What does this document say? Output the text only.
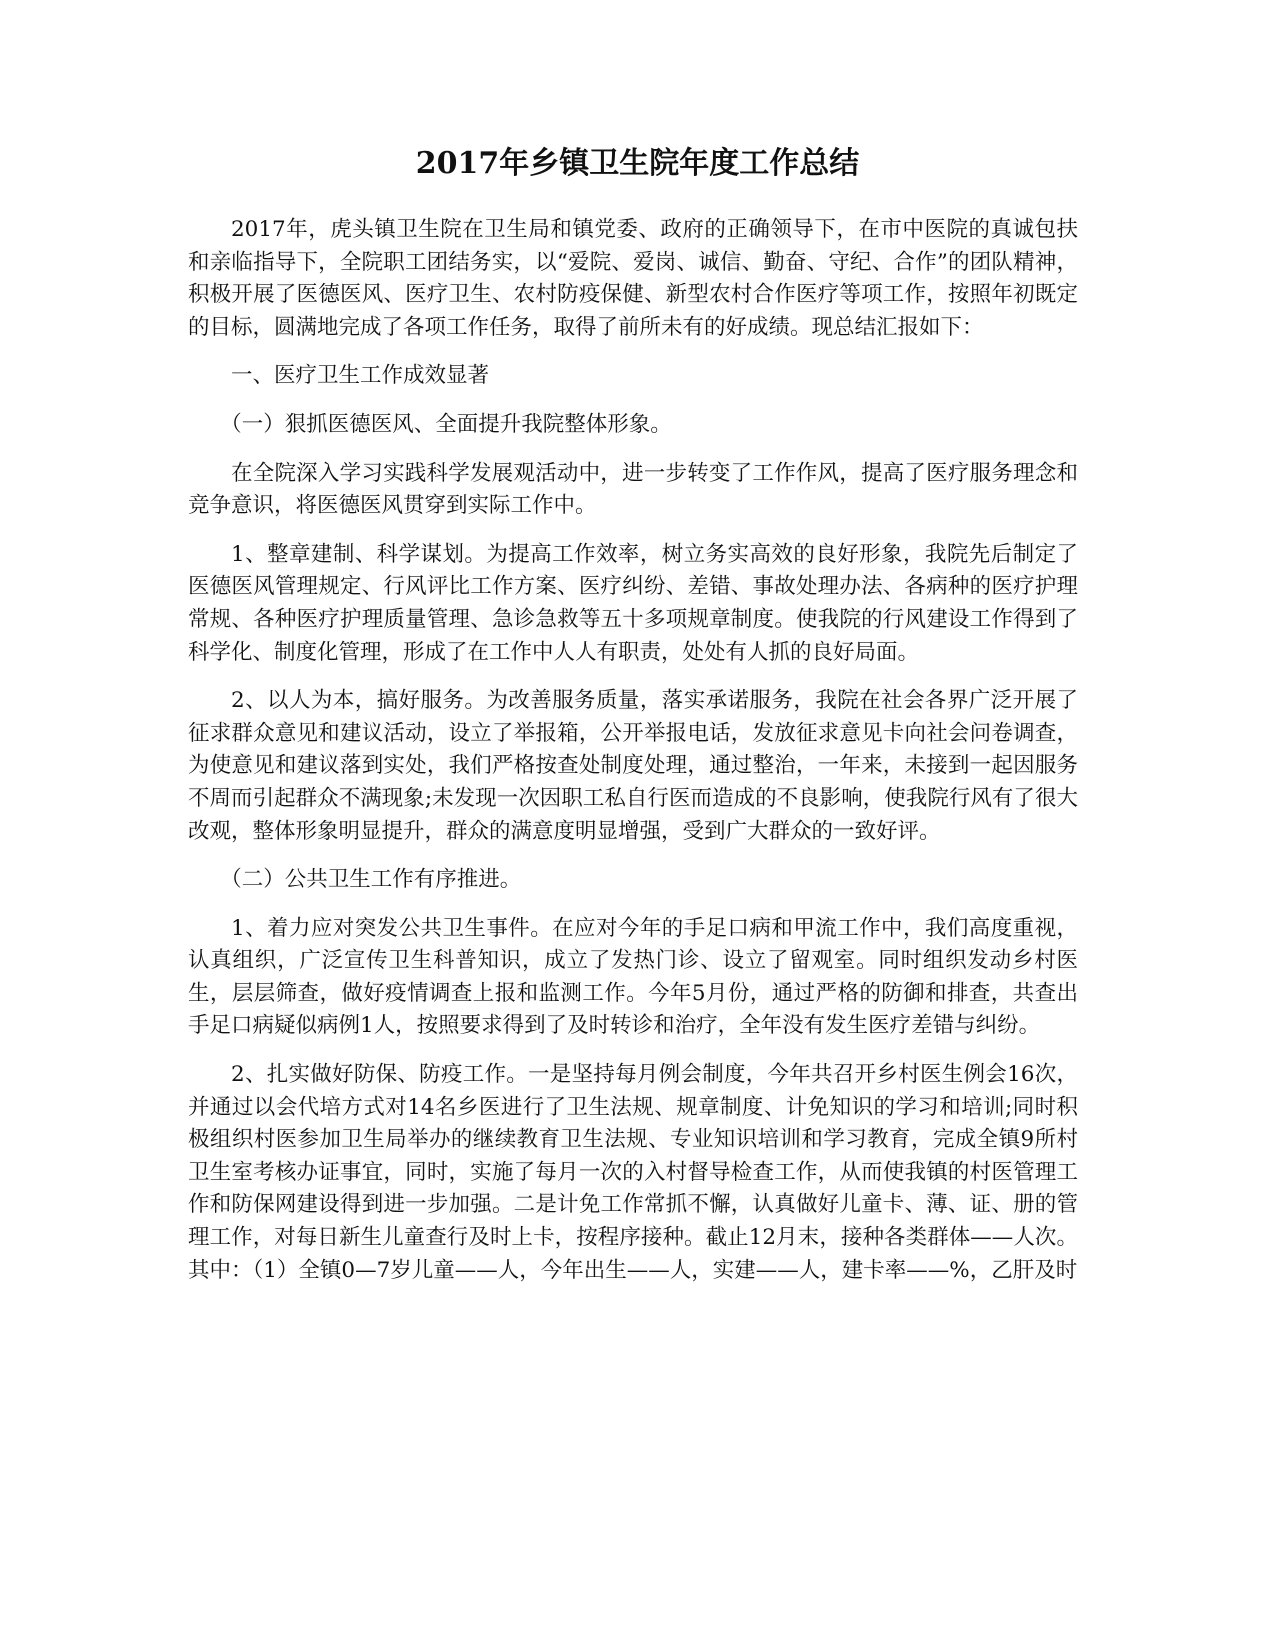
2017年乡镇卫生院年度工作总结

2017年，虎头镇卫生院在卫生局和镇党委、政府的正确领导下，在市中医院的真诚包扶和亲临指导下，全院职工团结务实，以“爱院、爱岗、诚信、勤奋、守纪、合作”的团队精神，积极开展了医德医风、医疗卫生、农村防疫保健、新型农村合作医疗等项工作，按照年初既定的目标，圆满地完成了各项工作任务，取得了前所未有的好成绩。现总结汇报如下：

一、医疗卫生工作成效显著

（一）狠抓医德医风、全面提升我院整体形象。

在全院深入学习实践科学发展观活动中，进一步转变了工作作风，提高了医疗服务理念和竞争意识，将医德医风贯穿到实际工作中。

1、整章建制、科学谋划。为提高工作效率，树立务实高效的良好形象，我院先后制定了医德医风管理规定、行风评比工作方案、医疗纠纷、差错、事故处理办法、各病种的医疗护理常规、各种医疗护理质量管理、急诊急救等五十多项规章制度。使我院的行风建设工作得到了科学化、制度化管理，形成了在工作中人人有职责，处处有人抓的良好局面。

2、以人为本，搞好服务。为改善服务质量，落实承诺服务，我院在社会各界广泛开展了征求群众意见和建议活动，设立了举报箱，公开举报电话，发放征求意见卡向社会问卷调查，为使意见和建议落到实处，我们严格按查处制度处理，通过整治，一年来，未接到一起因服务不周而引起群众不满现象;未发现一次因职工私自行医而造成的不良影响，使我院行风有了很大改观，整体形象明显提升，群众的满意度明显增强，受到广大群众的一致好评。

（二）公共卫生工作有序推进。

1、着力应对突发公共卫生事件。在应对今年的手足口病和甲流工作中，我们高度重视，认真组织，广泛宣传卫生科普知识，成立了发热门诊、设立了留观室。同时组织发动乡村医生，层层筛查，做好疫情调查上报和监测工作。今年5月份，通过严格的防御和排查，共查出手足口病疑似病例1人，按照要求得到了及时转诊和治疗，全年没有发生医疗差错与纠纷。

2、扎实做好防保、防疫工作。一是坚持每月例会制度，今年共召开乡村医生例会16次，并通过以会代培方式对14名乡医进行了卫生法规、规章制度、计免知识的学习和培训;同时积极组织村医参加卫生局举办的继续教育卫生法规、专业知识培训和学习教育，完成全镇9所村卫生室考核办证事宜，同时，实施了每月一次的入村督导检查工作，从而使我镇的村医管理工作和防保网建设得到进一步加强。二是计免工作常抓不懈，认真做好儿童卡、薄、证、册的管理工作，对每日新生儿童查行及时上卡，按程序接种。截止12月末，接种各类群体——人次。其中：（1）全镇0—7岁儿童——人，今年出生——人，实建——人，建卡率——%，乙肝及时
